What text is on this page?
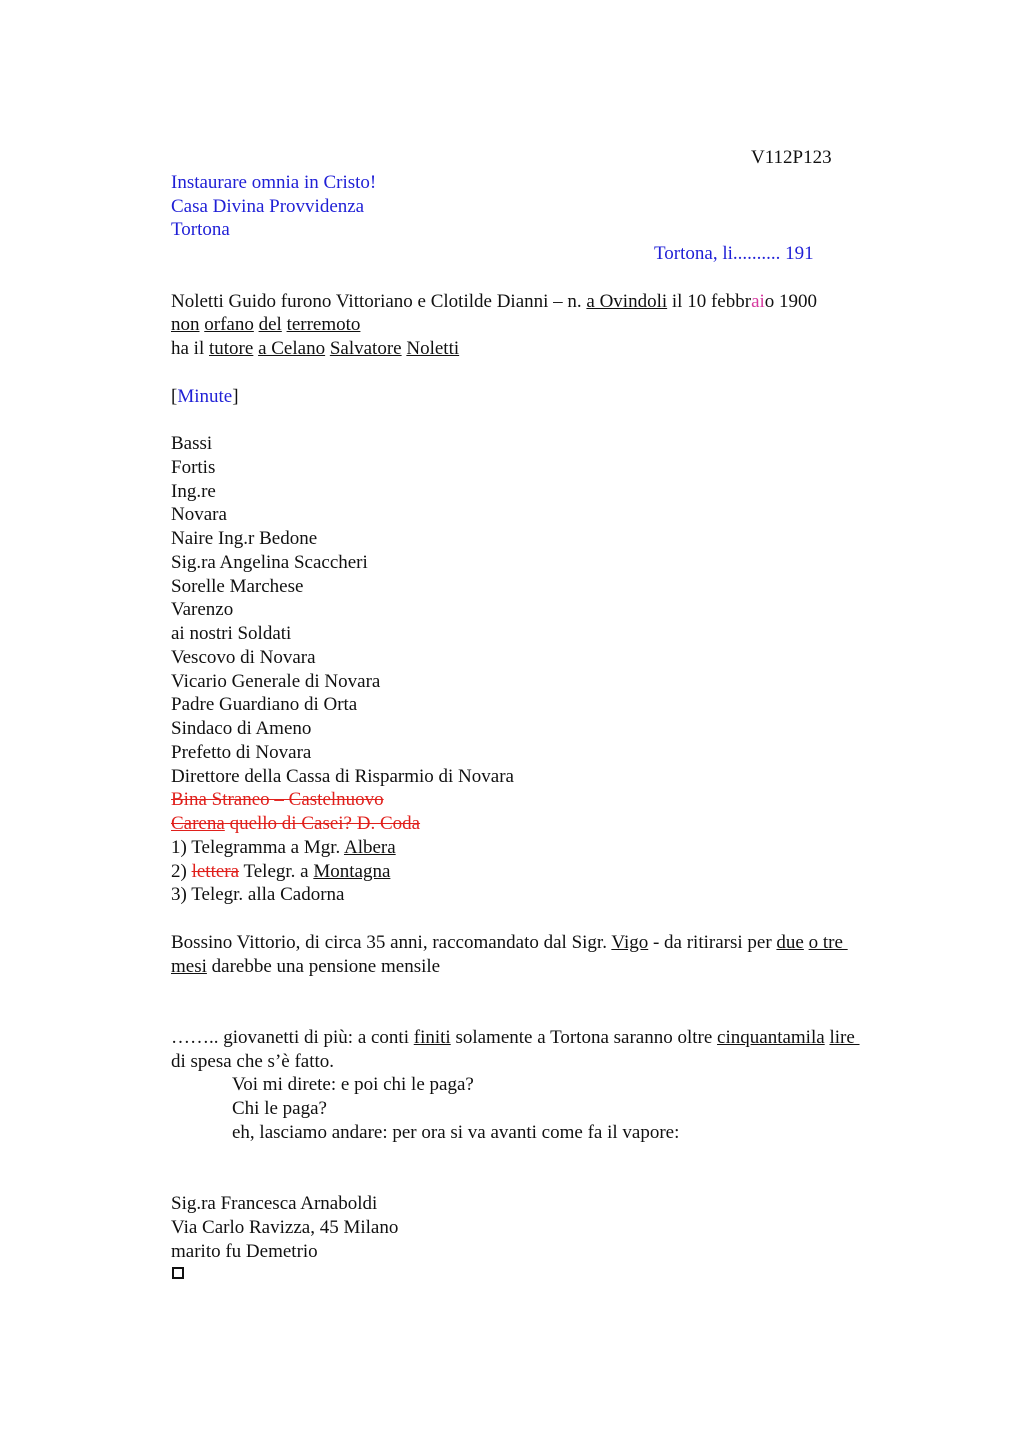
V112P123
Instaurare omnia in Cristo!
Casa Divina Provvidenza
Tortona
Tortona, li.......... 191
Noletti Guido furono Vittoriano e Clotilde Dianni – n. a Ovindoli il 10 febbraio 1900
non orfano del terremoto
ha il tutore a Celano Salvatore Noletti
[Minute]
Bassi
Fortis
Ing.re
Novara
Naire Ing.r Bedone
Sig.ra Angelina Scaccheri
Sorelle Marchese
Varenzo
ai nostri Soldati
Vescovo di Novara
Vicario Generale di Novara
Padre Guardiano di Orta
Sindaco di Ameno
Prefetto di Novara
Direttore della Cassa di Risparmio di Novara
Bina Straneo – Castelnuovo
Carena quello di Casei? D. Coda
1) Telegramma a Mgr. Albera
2) lettera Telegr. a Montagna
3) Telegr. alla Cadorna
Bossino Vittorio, di circa 35 anni, raccomandato dal Sigr. Vigo - da ritirarsi per due o tre
mesi darebbe una pensione mensile
…….. giovanetti di più: a conti finiti solamente a Tortona saranno oltre cinquantamila lire
di spesa che s’è fatto.
Voi mi direte: e poi chi le paga?
Chi le paga?
eh, lasciamo andare: per ora si va avanti come fa il vapore:
Sig.ra Francesca Arnaboldi
Via Carlo Ravizza, 45 Milano
marito fu Demetrio
